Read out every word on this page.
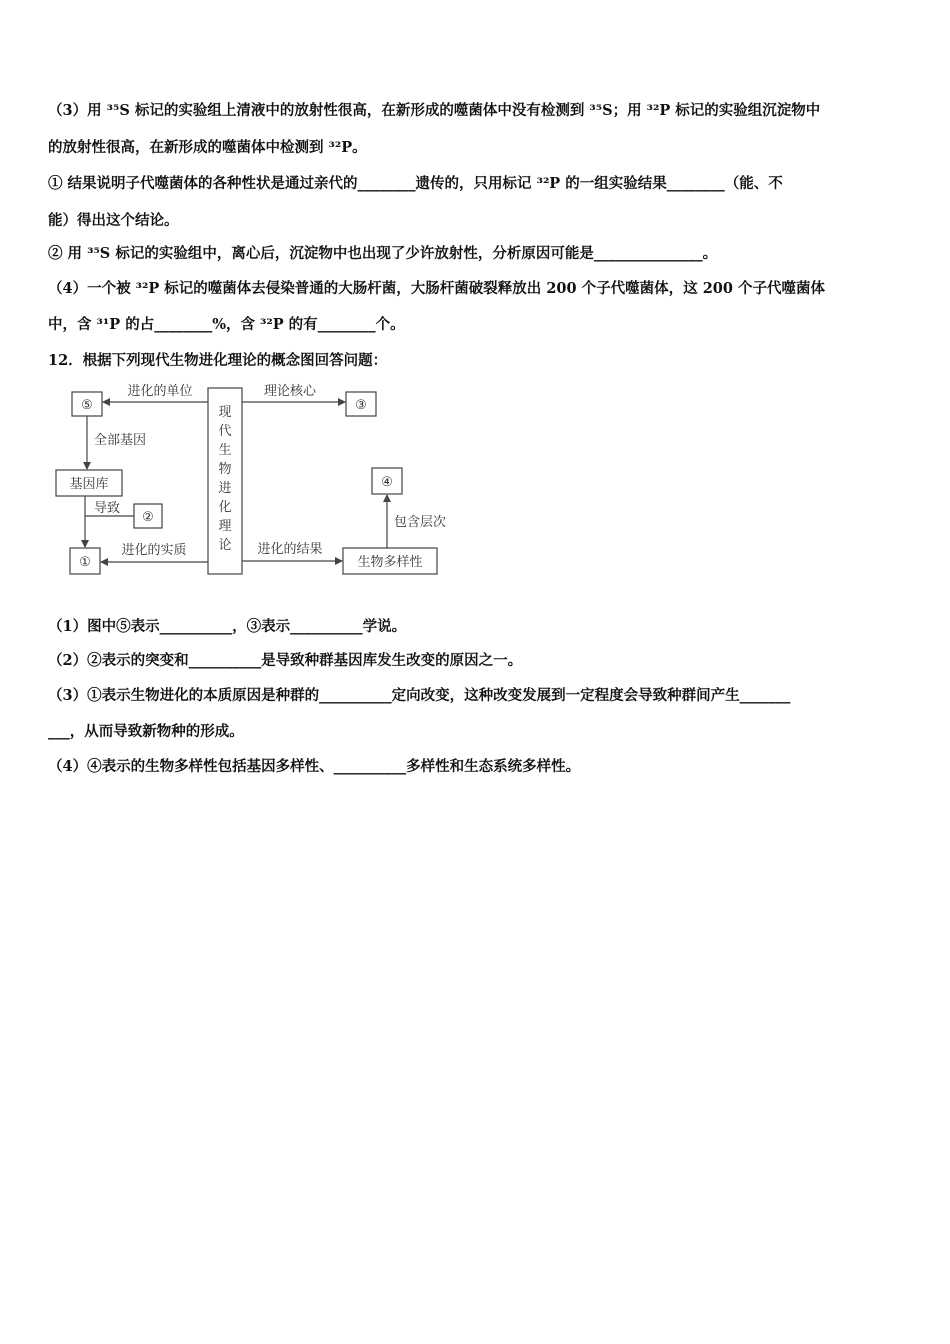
（3）用 ³⁵S 标记的实验组上清液中的放射性很高，在新形成的噬菌体中没有检测到 ³⁵S；用 ³²P 标记的实验组沉淀物中
的放射性很高，在新形成的噬菌体中检测到 ³²P。
① 结果说明子代噬菌体的各种性状是通过亲代的________遗传的，只用标记 ³²P 的一组实验结果________（能、不
能）得出这个结论。
② 用 ³⁵S 标记的实验组中，离心后，沉淀物中也出现了少许放射性，分析原因可能是_______________。
（4）一个被 ³²P 标记的噬菌体去侵染普通的大肠杆菌，大肠杆菌破裂释放出 200 个子代噬菌体，这 200 个子代噬菌体
中，含 ³¹P 的占________%，含 ³²P 的有________个。
12．根据下列现代生物进化理论的概念图回答问题：
现
代
生
物
进
化
理
论
⑤	③
基因库
②
①
④
生物多样性
进化的单位	理论核心
全部基因
导致
进化的实质	进化的结果
包含层次
（1）图中⑤表示__________，③表示__________学说。
（2）②表示的突变和__________是导致种群基因库发生改变的原因之一。
（3）①表示生物进化的本质原因是种群的__________定向改变，这种改变发展到一定程度会导致种群间产生_______
___，从而导致新物种的形成。
（4）④表示的生物多样性包括基因多样性、__________多样性和生态系统多样性。
